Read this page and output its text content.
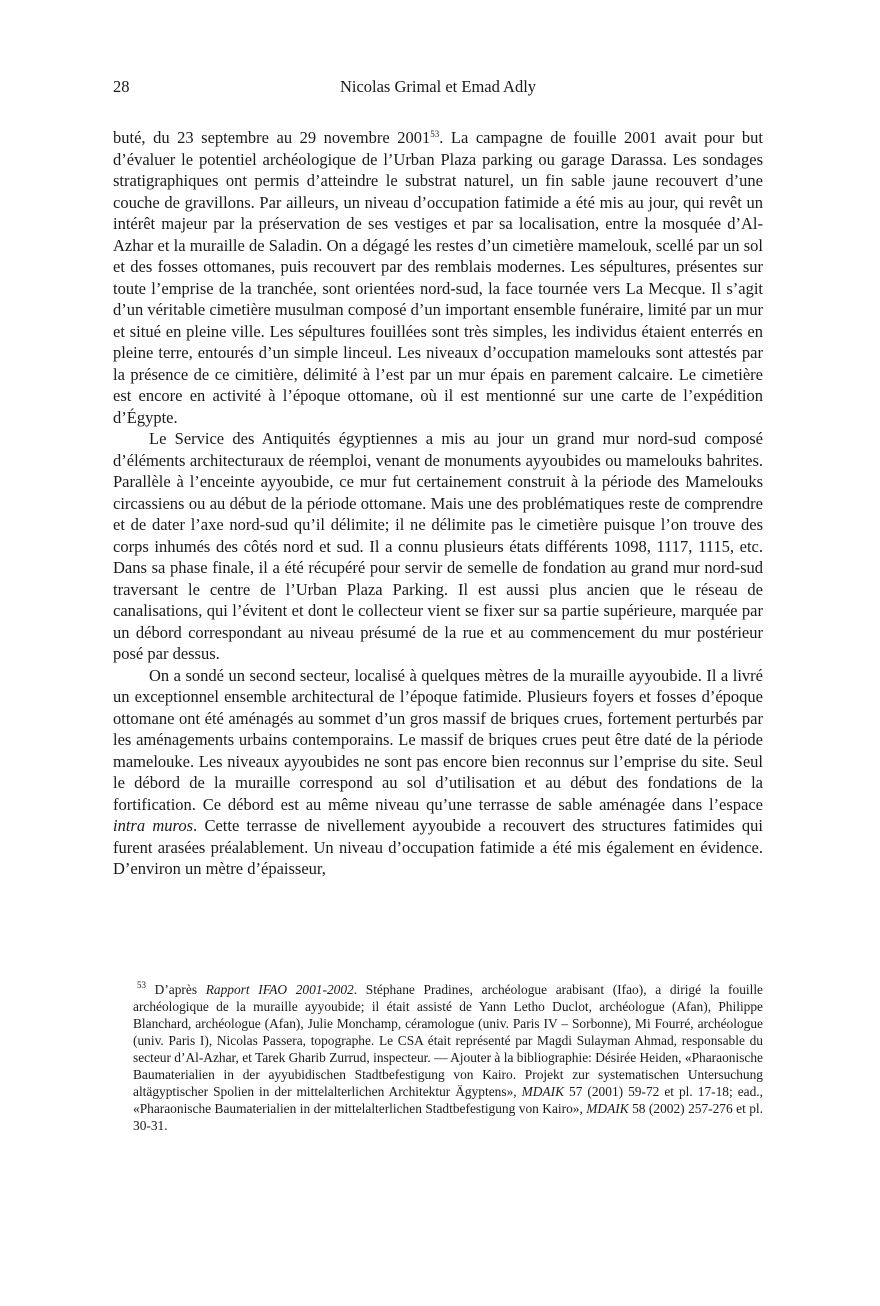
28	Nicolas Grimal et Emad Adly

buté, du 23 septembre au 29 novembre 2001$^{53}$. La campagne de fouille 2001 avait pour but d’évaluer le potentiel archéologique de l’Urban Plaza parking ou garage Darassa. Les sondages stratigraphiques ont permis d’atteindre le substrat naturel, un fin sable jaune recouvert d’une couche de gravillons. Par ailleurs, un niveau d’occupation fatimide a été mis au jour, qui revêt un intérêt majeur par la préservation de ses vestiges et par sa localisation, entre la mosquée d’Al-Azhar et la muraille de Saladin. On a dégagé les restes d’un cimetière mamelouk, scellé par un sol et des fosses ottomanes, puis recouvert par des remblais modernes. Les sépultures, présentes sur toute l’emprise de la tranchée, sont orientées nord-sud, la face tournée vers La Mecque. Il s’agit d’un véritable cimetière musulman composé d’un important ensemble funéraire, limité par un mur et situé en pleine ville. Les sépultures fouillées sont très simples, les individus étaient enterrés en pleine terre, entourés d’un simple linceul. Les niveaux d’occupation mamelouks sont attestés par la présence de ce cimitière, délimité à l’est par un mur épais en parement calcaire. Le cimetière est encore en activité à l’époque ottomane, où il est mentionné sur une carte de l’expédition d’Égypte.

Le Service des Antiquités égyptiennes a mis au jour un grand mur nord-sud composé d’éléments architecturaux de réemploi, venant de monuments ayyoubides ou mamelouks bahrites. Parallèle à l’enceinte ayyoubide, ce mur fut certainement construit à la période des Mamelouks circassiens ou au début de la période ottomane. Mais une des problématiques reste de comprendre et de dater l’axe nord-sud qu’il délimite; il ne délimite pas le cimetière puisque l’on trouve des corps inhumés des côtés nord et sud. Il a connu plusieurs états différents 1098, 1117, 1115, etc. Dans sa phase finale, il a été récupéré pour servir de semelle de fondation au grand mur nord-sud traversant le centre de l’Urban Plaza Parking. Il est aussi plus ancien que le réseau de canalisations, qui l’évitent et dont le collecteur vient se fixer sur sa partie supérieure, marquée par un débord correspondant au niveau présumé de la rue et au commencement du mur postérieur posé par dessus.

On a sondé un second secteur, localisé à quelques mètres de la muraille ayyoubide. Il a livré un exceptionnel ensemble architectural de l’époque fatimide. Plusieurs foyers et fosses d’époque ottomane ont été aménagés au sommet d’un gros massif de briques crues, fortement perturbés par les aménagements urbains contemporains. Le massif de briques crues peut être daté de la période mamelouke. Les niveaux ayyoubides ne sont pas encore bien reconnus sur l’emprise du site. Seul le débord de la muraille correspond au sol d’utilisation et au début des fondations de la fortification. Ce débord est au même niveau qu’une terrasse de sable aménagée dans l’espace intra muros. Cette terrasse de nivellement ayyoubide a recouvert des structures fatimides qui furent arasées préalablement. Un niveau d’occupation fatimide a été mis également en évidence. D’environ un mètre d’épaisseur,

$^{53}$ D’après Rapport IFAO 2001-2002. Stéphane Pradines, archéologue arabisant (Ifao), a dirigé la fouille archéologique de la muraille ayyoubide; il était assisté de Yann Letho Duclot, archéologue (Afan), Philippe Blanchard, archéologue (Afan), Julie Monchamp, céramologue (univ. Paris IV – Sorbonne), Mi Fourré, archéologue (univ. Paris I), Nicolas Passera, topographe. Le CSA était représenté par Magdi Sulayman Ahmad, responsable du secteur d’Al-Azhar, et Tarek Gharib Zurrud, inspecteur. — Ajouter à la bibliographie: Désirée Heiden, «Pharaonische Baumaterialien in der ayyubidischen Stadtbefestigung von Kairo. Projekt zur systematischen Untersuchung altägyptischer Spolien in der mittelalterlichen Architektur Ägyptens», MDAIK 57 (2001) 59-72 et pl. 17-18; ead., «Pharaonische Baumaterialien in der mittelalterlichen Stadtbefestigung von Kairo», MDAIK 58 (2002) 257-276 et pl. 30-31.
